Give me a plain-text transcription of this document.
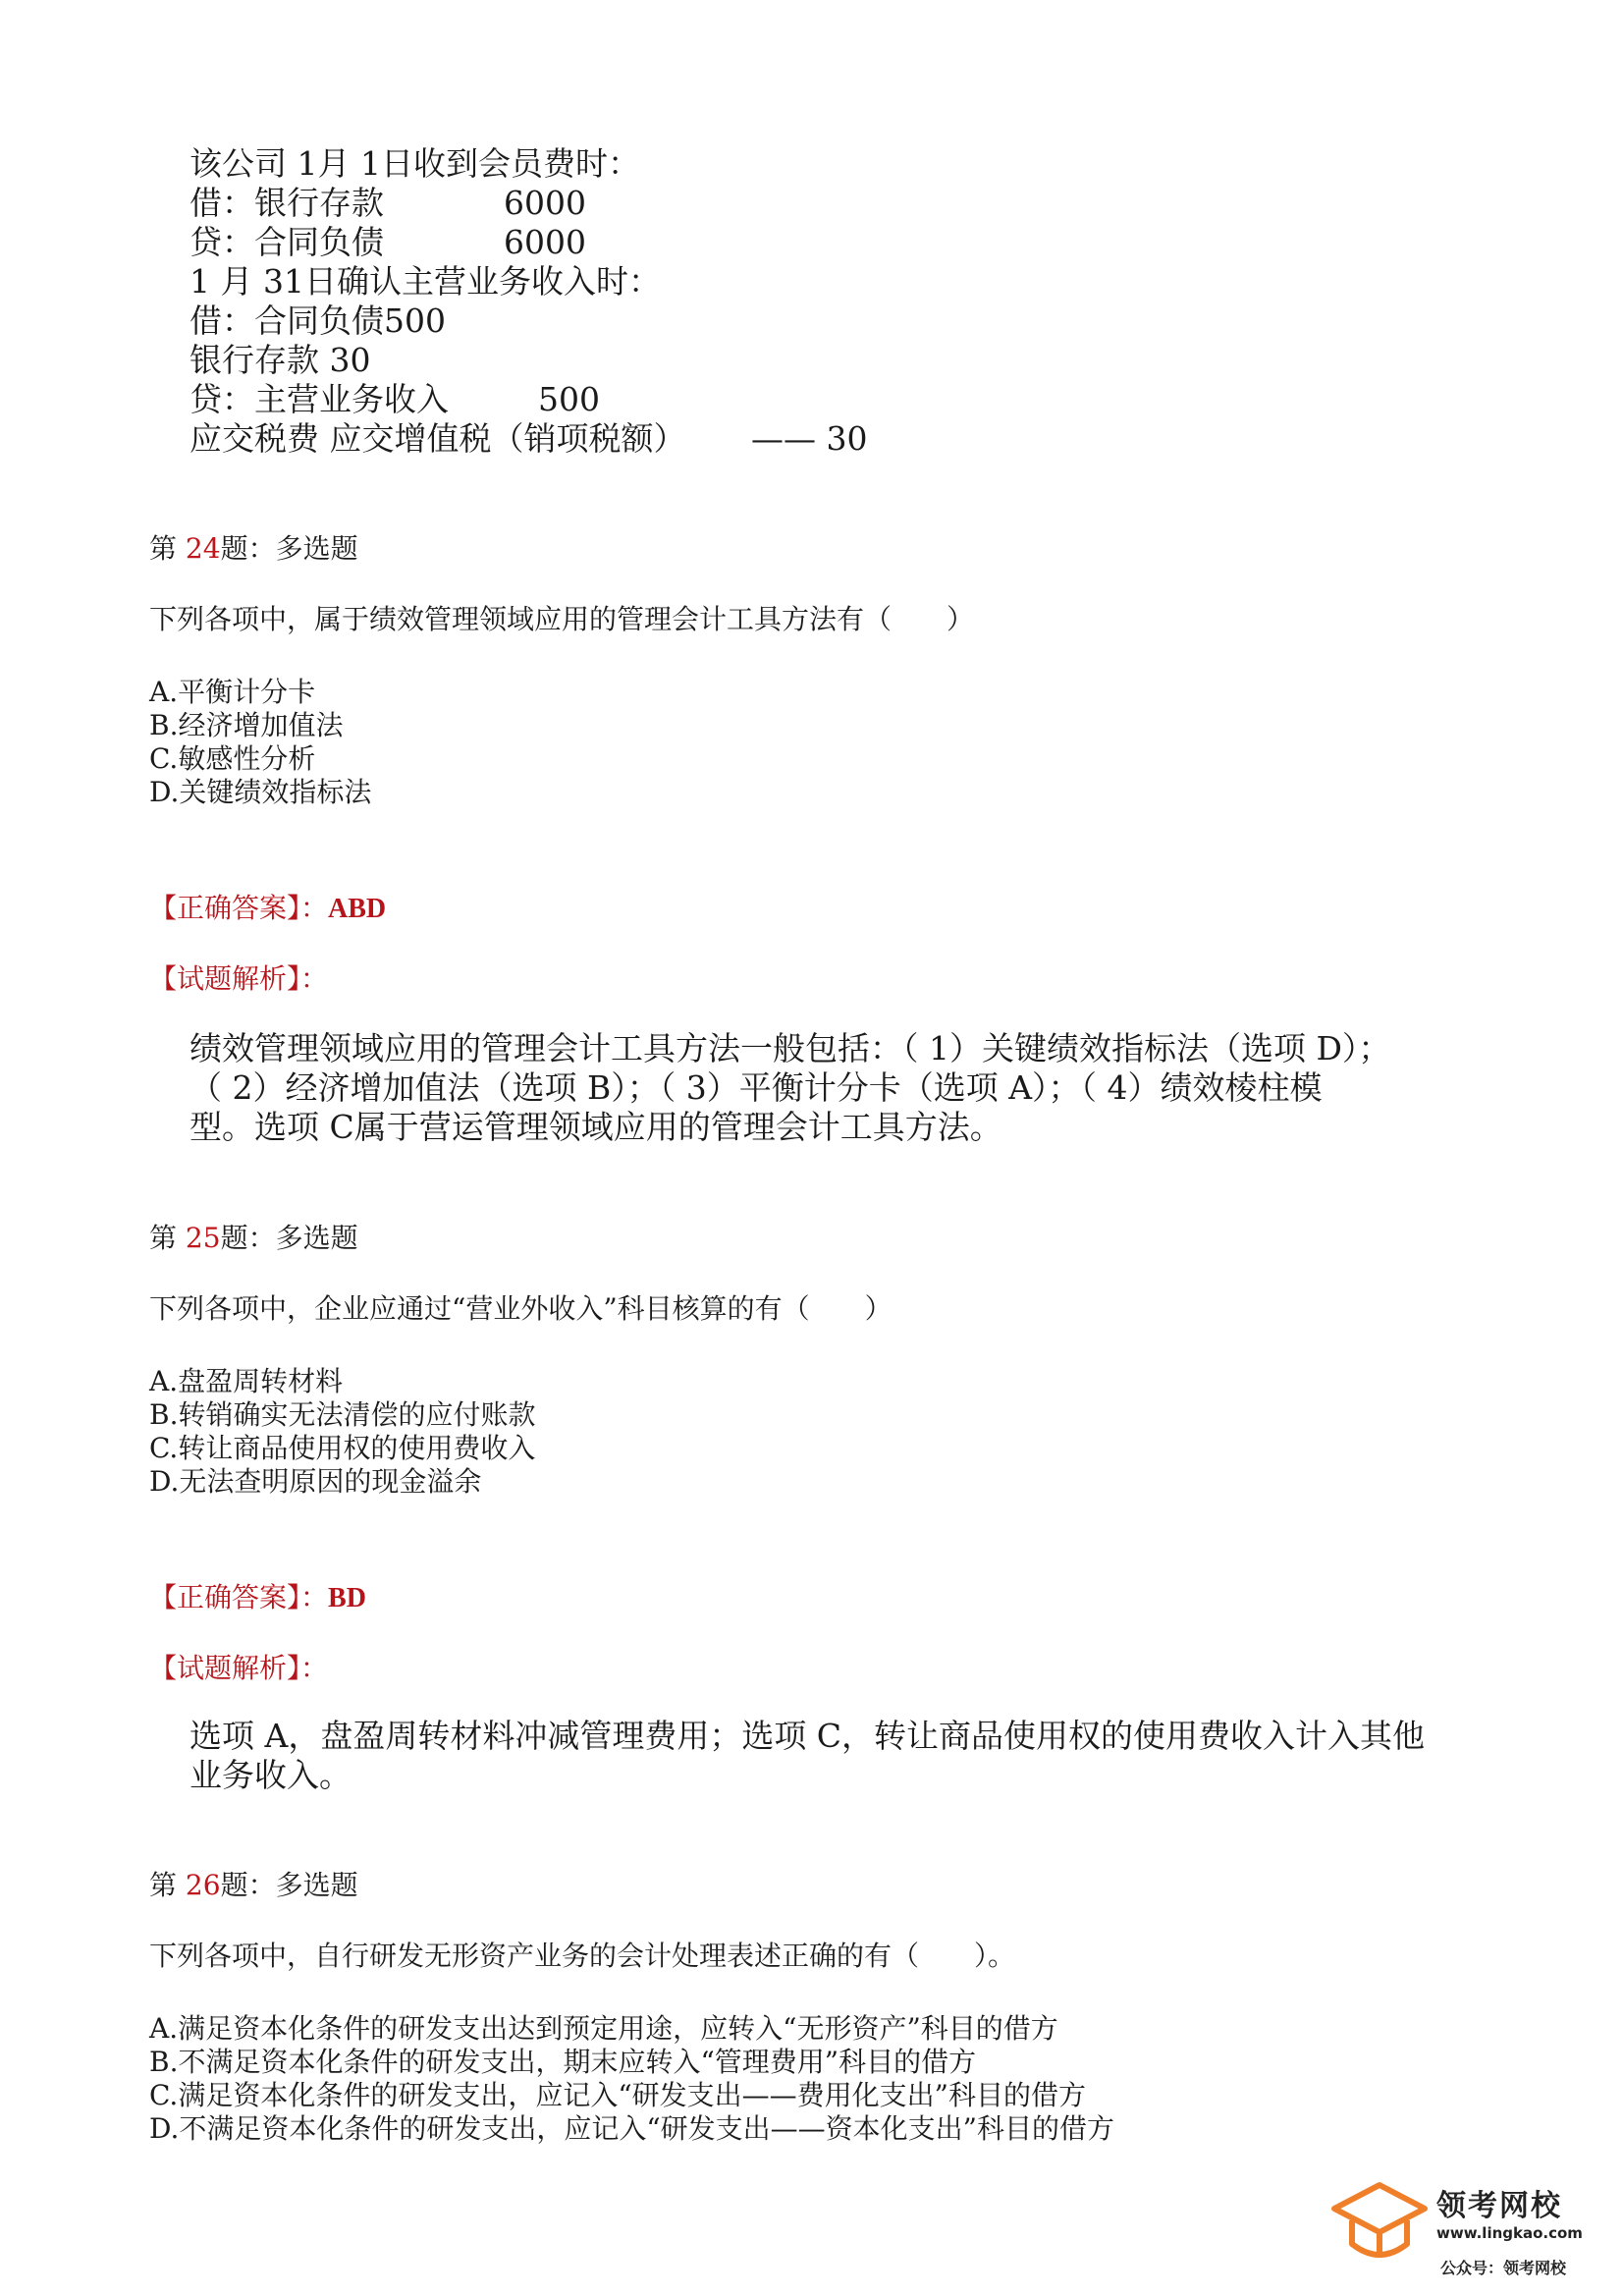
该公司 1月 1日收到会员费时：
借：银行存款	6000
贷：合同负债	6000
1 月 31日确认主营业务收入时：
借：合同负债500
银行存款 30
贷：主营业务收入	500
应交税费 应交增值税（销项税额） —— 30
第 24题：多选题
下列各项中，属于绩效管理领域应用的管理会计工具方法有（　　）
A.平衡计分卡
B.经济增加值法
C.敏感性分析
D.关键绩效指标法
【正确答案】：ABD
【试题解析】：
绩效管理领域应用的管理会计工具方法一般包括：（ 1）关键绩效指标法（选项 D）；
（ 2）经济增加值法（选项 B）；（ 3）平衡计分卡（选项 A）；（ 4）绩效棱柱模
型。选项 C属于营运管理领域应用的管理会计工具方法。
第 25题：多选题
下列各项中，企业应通过“营业外收入”科目核算的有（　　）
A.盘盈周转材料
B.转销确实无法清偿的应付账款
C.转让商品使用权的使用费收入
D.无法查明原因的现金溢余
【正确答案】：BD
【试题解析】：
选项 A，盘盈周转材料冲减管理费用；选项 C，转让商品使用权的使用费收入计入其他
业务收入。
第 26题：多选题
下列各项中，自行研发无形资产业务的会计处理表述正确的有（　　）。
A.满足资本化条件的研发支出达到预定用途，应转入“无形资产”科目的借方
B.不满足资本化条件的研发支出，期末应转入“管理费用”科目的借方
C.满足资本化条件的研发支出，应记入“研发支出——费用化支出”科目的借方
D.不满足资本化条件的研发支出，应记入“研发支出——资本化支出”科目的借方
领考网校
www.lingkao.com
公众号：领考网校
